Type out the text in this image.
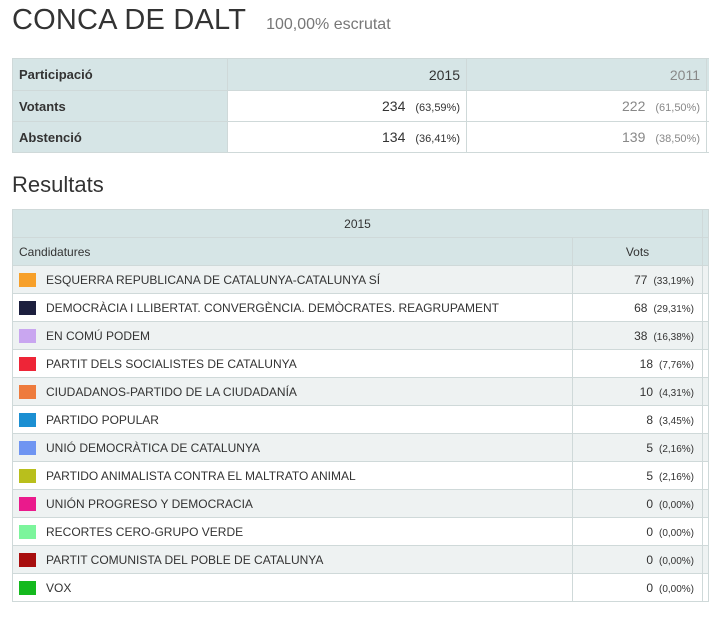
CONCA DE DALT 100,00% escrutat
Participació	2015	2011	
Votants	234 (63,59%)	222 (61,50%)	
Abstenció	134 (36,41%)	139 (38,50%)	
Resultats
2015		
Candidatures	Vots	
ESQUERRA REPUBLICANA DE CATALUNYA-CATALUNYA SÍ	77 (33,19%)	
DEMOCRÀCIA I LLIBERTAT. CONVERGÈNCIA. DEMÒCRATES. REAGRUPAMENT	68 (29,31%)	
EN COMÚ PODEM	38 (16,38%)	
PARTIT DELS SOCIALISTES DE CATALUNYA	18 (7,76%)	
CIUDADANOS-PARTIDO DE LA CIUDADANÍA	10 (4,31%)	
PARTIDO POPULAR	8 (3,45%)	
UNIÓ DEMOCRÀTICA DE CATALUNYA	5 (2,16%)	
PARTIDO ANIMALISTA CONTRA EL MALTRATO ANIMAL	5 (2,16%)	
UNIÓN PROGRESO Y DEMOCRACIA	0 (0,00%)	
RECORTES CERO-GRUPO VERDE	0 (0,00%)	
PARTIT COMUNISTA DEL POBLE DE CATALUNYA	0 (0,00%)	
VOX	0 (0,00%)	
